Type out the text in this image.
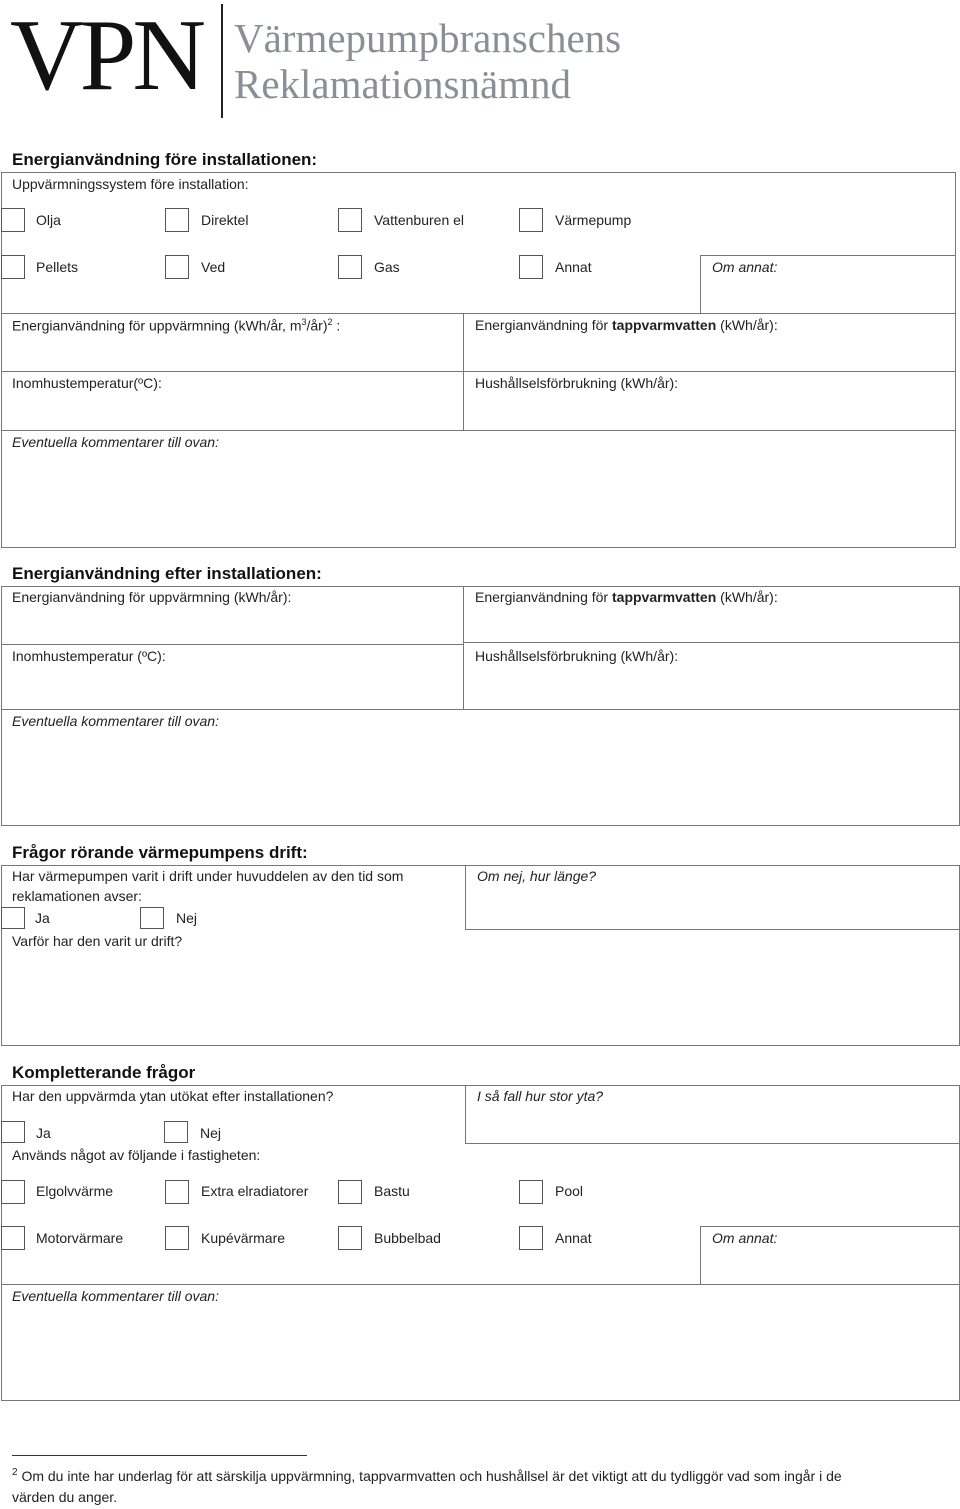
VPN Värmepumpbranschens
Reklamationsnämnd
Energianvändning före installationen:
Uppvärmningssystem före installation:
Olja	Direktel	Vattenburen el	Värmepump
Pellets	Ved	Gas	Annat	Om annat:
Energianvändning för uppvärmning (kWh/år, $m^3/år)^2$ :	Energianvändning för tappvarmvatten (kWh/år):
Inomhustemperatur(ºC):	Hushållselsförbrukning (kWh/år):
Eventuella kommentarer till ovan:
Energianvändning efter installationen:
Energianvändning för uppvärmning (kWh/år):	Energianvändning för tappvarmvatten (kWh/år):
Inomhustemperatur (ºC):	Hushållselsförbrukning (kWh/år):
Eventuella kommentarer till ovan:
Frågor rörande värmepumpens drift:
Har värmepumpen varit i drift under huvuddelen av den tid som
reklamationen avser:
Ja	Nej
Varför har den varit ur drift?
Om nej, hur länge?
Kompletterande frågor
Har den uppvärmda ytan utökat efter installationen?	I så fall hur stor yta?
Ja	Nej
Används något av följande i fastigheten:
Elgolvvärme	Extra elradiatorer	Bastu	Pool
Motorvärmare	Kupévärmare	Bubbelbad	Annat	Om annat:
Eventuella kommentarer till ovan:
$^2$ Om du inte har underlag för att särskilja uppvärmning, tappvarmvatten och hushållsel är det viktigt att du tydliggör vad som ingår i de
värden du anger.
